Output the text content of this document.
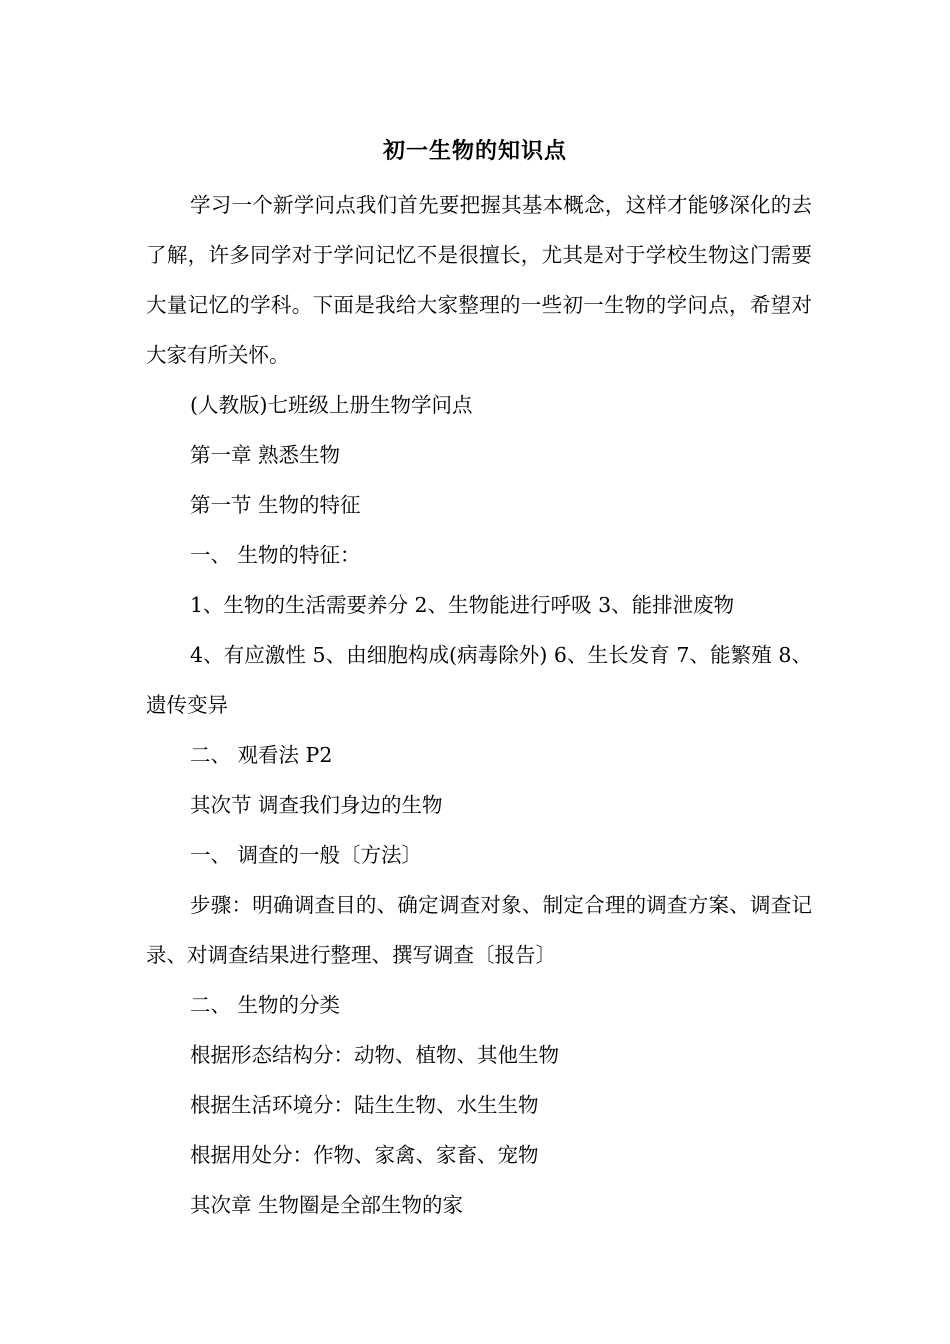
初一生物的知识点

学习一个新学问点我们首先要把握其基本概念，这样才能够深化的去了解，许多同学对于学问记忆不是很擅长，尤其是对于学校生物这门需要大量记忆的学科。下面是我给大家整理的一些初一生物的学问点，希望对大家有所关怀。

(人教版)七班级上册生物学问点

第一章 熟悉生物

第一节 生物的特征

一、 生物的特征：

1、生物的生活需要养分 2、生物能进行呼吸 3、能排泄废物

4、有应激性 5、由细胞构成(病毒除外) 6、生长发育 7、能繁殖 8、遗传变异

二、 观看法 P2

其次节 调查我们身边的生物

一、 调查的一般〔方法〕

步骤：明确调查目的、确定调查对象、制定合理的调查方案、调查记录、对调查结果进行整理、撰写调查〔报告〕

二、 生物的分类

根据形态结构分：动物、植物、其他生物

根据生活环境分：陆生生物、水生生物

根据用处分：作物、家禽、家畜、宠物

其次章 生物圈是全部生物的家
